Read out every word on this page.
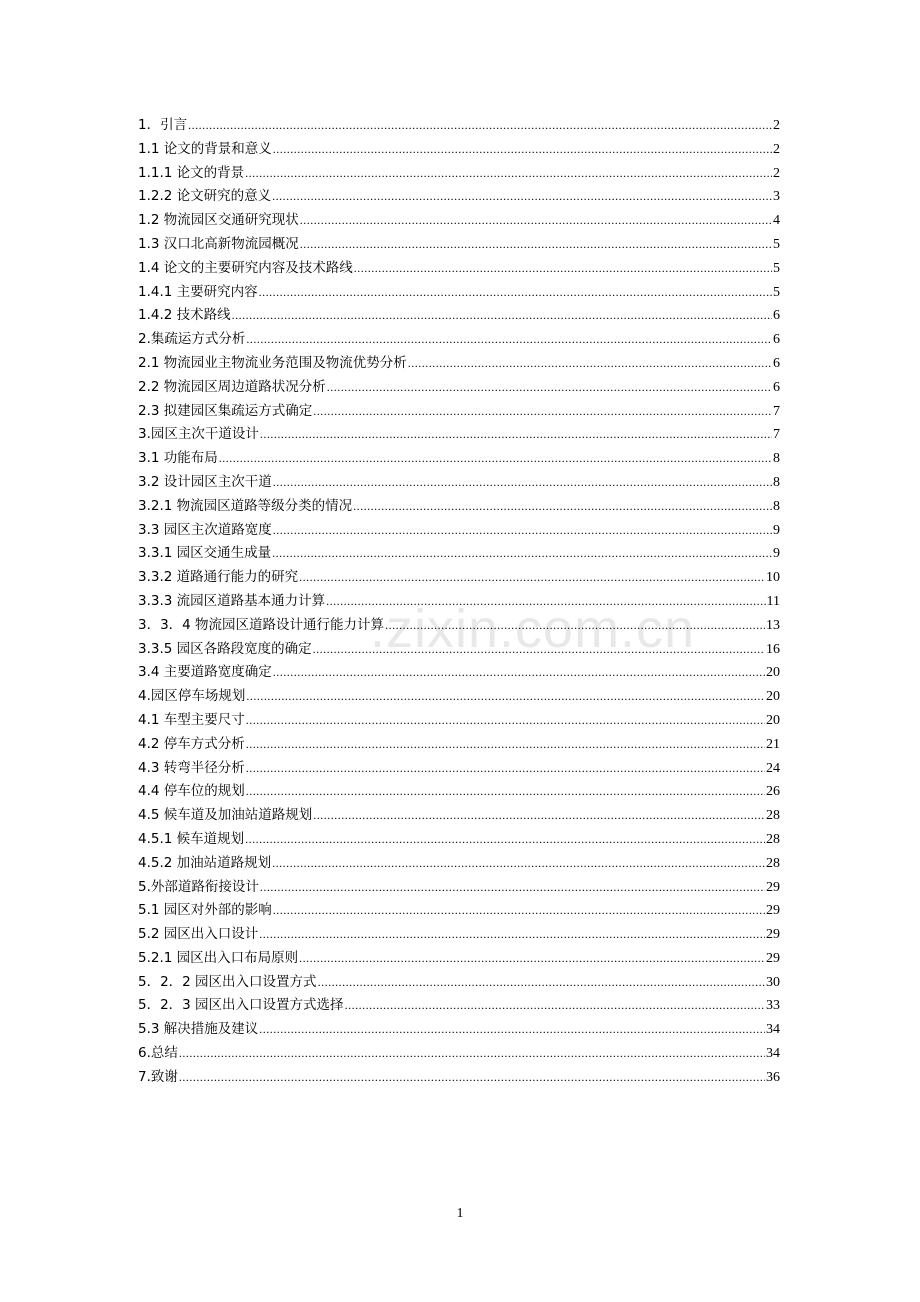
1．引言 .....	2
1.1 论文的背景和意义 .....	2
1.1.1 论文的背景 .....	2
1.2.2 论文研究的意义 .....	3
1.2 物流园区交通研究现状 .....	4
1.3 汉口北高新物流园概况 .....	5
1.4 论文的主要研究内容及技术路线 .....	5
1.4.1 主要研究内容 .....	5
1.4.2 技术路线 .....	6
2.集疏运方式分析 .....	6
2.1 物流园业主物流业务范围及物流优势分析 .....	6
2.2 物流园区周边道路状况分析 .....	6
2.3 拟建园区集疏运方式确定 .....	7
3.园区主次干道设计 .....	7
3.1 功能布局 .....	8
3.2 设计园区主次干道 .....	8
3.2.1 物流园区道路等级分类的情况 .....	8
3.3 园区主次道路宽度 .....	9
3.3.1 园区交通生成量 .....	9
3.3.2 道路通行能力的研究 .....	10
3.3.3 流园区道路基本通力计算 .....	11
3．3．4 物流园区道路设计通行能力计算 .....	13
3.3.5 园区各路段宽度的确定 .....	16
3.4 主要道路宽度确定 .....	20
4.园区停车场规划 .....	20
4.1 车型主要尺寸 .....	20
4.2 停车方式分析 .....	21
4.3 转弯半径分析 .....	24
4.4 停车位的规划 .....	26
4.5 候车道及加油站道路规划 .....	28
4.5.1 候车道规划 .....	28
4.5.2 加油站道路规划 .....	28
5.外部道路衔接设计 .....	29
5.1 园区对外部的影响 .....	29
5.2 园区出入口设计 .....	29
5.2.1 园区出入口布局原则 .....	29
5．2．2 园区出入口设置方式 .....	30
5．2．3 园区出入口设置方式选择 .....	33
5.3 解决措施及建议 .....	34
6.总结 .....	34
7.致谢 .....	36
.zixin.com.cn
1
